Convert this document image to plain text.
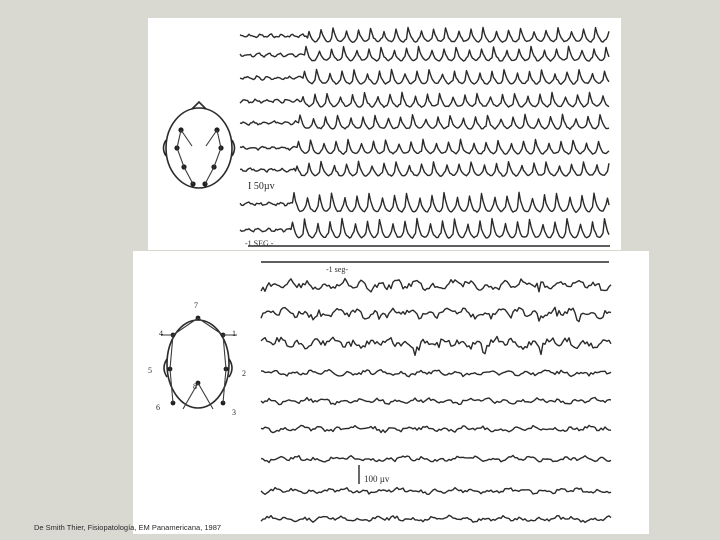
I 50µv
-1 SEG.-
-1 seg-
100 µv
7
4	1
5	2
8
6
3
De Smith Thier, Fisiopatología, EM Panamericana, 1987
